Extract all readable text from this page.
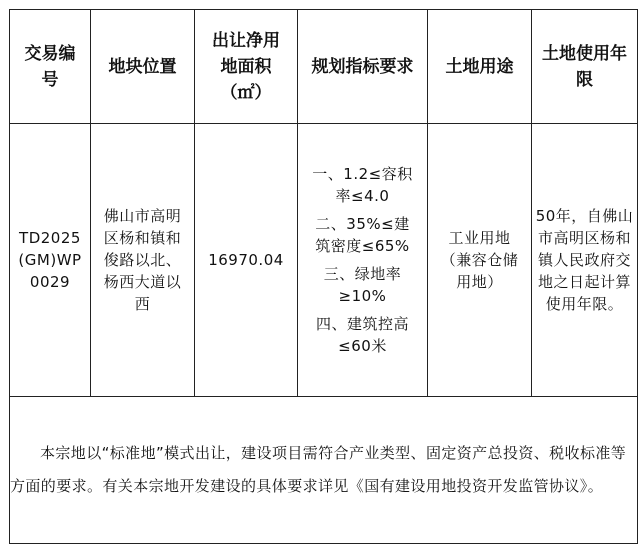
交易编号	地块位置	出让净用地面积（㎡）	规划指标要求	土地用途	土地使用年限
TD2025(GM)WP0029	佛山市高明区杨和镇和俊路以北、杨西大道以西	16970.04	一、1.2≤容积率≤4.0
二、35%≤建筑密度≤65%
三、绿地率≥10%
四、建筑控高≤60米	工业用地（兼容仓储用地）	50年，自佛山市高明区杨和镇人民政府交地之日起计算使用年限。

本宗地以“标准地”模式出让，建设项目需符合产业类型、固定资产总投资、税收标准等方面的要求。有关本宗地开发建设的具体要求详见《国有建设用地投资开发监管协议》。					
